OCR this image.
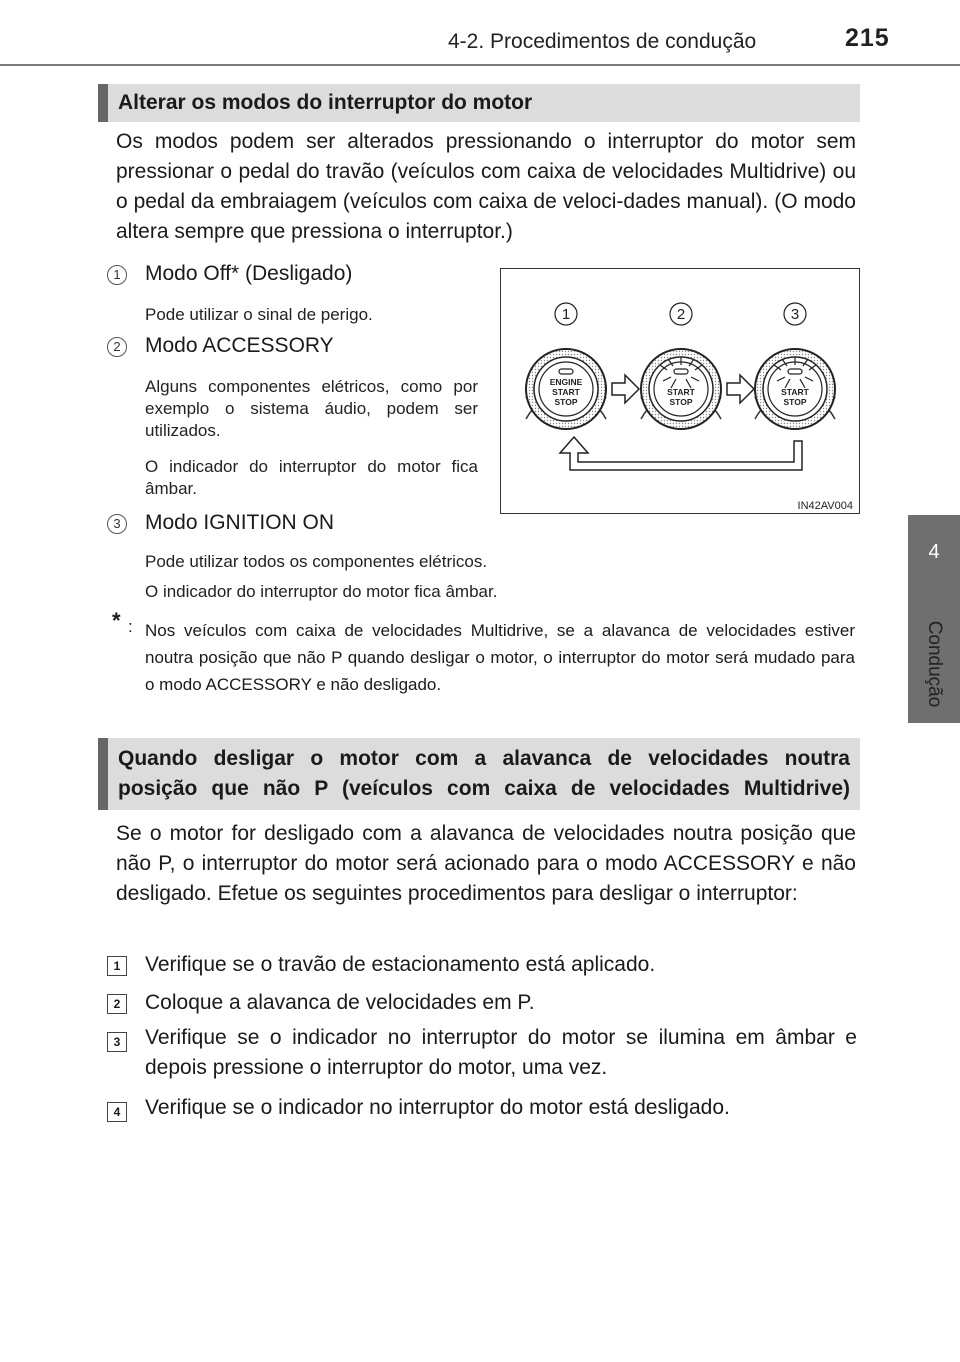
4-2. Procedimentos de condução	215
4
Condução
Alterar os modos do interruptor do motor
Os modos podem ser alterados pressionando o interruptor do motor sem pressionar o pedal do travão (veículos com caixa de velocidades Multidrive) ou o pedal da embraiagem (veículos com caixa de veloci-dades manual). (O modo altera sempre que pressiona o interruptor.)
1	Modo Off* (Desligado)
Pode utilizar o sinal de perigo.
2	Modo ACCESSORY
Alguns componentes elétricos, como por exemplo o sistema áudio, podem ser utilizados.
O indicador do interruptor do motor fica âmbar.
3	Modo IGNITION ON
Pode utilizar todos os componentes elétricos.
O indicador do interruptor do motor fica âmbar.
* : Nos veículos com caixa de velocidades Multidrive, se a alavanca de velocidades estiver noutra posição que não P quando desligar o motor, o interruptor do motor será mudado para o modo ACCESSORY e não desligado.
1	2	3
ENGINE
START
STOP
START
STOP
START
STOP
IN42AV004
Quando desligar o motor com a alavanca de velocidades noutra
posição que não P (veículos com caixa de velocidades Multidrive)
Se o motor for desligado com a alavanca de velocidades noutra posição que não P, o interruptor do motor será acionado para o modo ACCESSORY e não desligado. Efetue os seguintes procedimentos para desligar o interruptor:
1	Verifique se o travão de estacionamento está aplicado.
2	Coloque a alavanca de velocidades em P.
3	Verifique se o indicador no interruptor do motor se ilumina em âmbar e depois pressione o interruptor do motor, uma vez.
4	Verifique se o indicador no interruptor do motor está desligado.
